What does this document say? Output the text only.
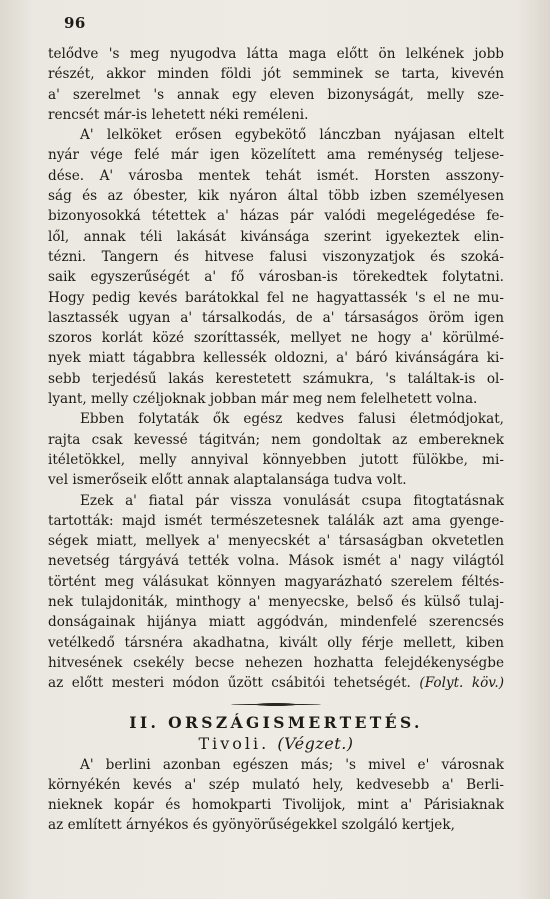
96

telődve 's meg nyugodva látta maga előtt ön lelkének jobb
részét, akkor minden földi jót semminek se tarta, kivevén
a' szerelmet 's annak egy eleven bizonyságát, melly sze-
rencsét már-is lehetett néki reméleni.

A' lelköket erősen egybekötő lánczban nyájasan eltelt
nyár vége felé már igen közelített ama reménység teljese-
dése. A' városba mentek tehát ismét. Horsten asszony-
ság és az óbester, kik nyáron által több izben személyesen
bizonyosokká tétettek a' házas pár valódi megelégedése fe-
lől, annak téli lakását kivánsága szerint igyekeztek elin-
tézni. Tangern és hitvese falusi viszonyzatjok és szoká-
saik egyszerűségét a' fő városban-is törekedtek folytatni.
Hogy pedig kevés barátokkal fel ne hagyattassék 's el ne mu-
lasztassék ugyan a' társalkodás, de a' társaságos öröm igen
szoros korlát közé szoríttassék, mellyet ne hogy a' körülmé-
nyek miatt tágabbra kellessék oldozni, a' báró kivánságára ki-
sebb terjedésű lakás kerestetett számukra, 's találtak-is ol-
lyant, melly czéljoknak jobban már meg nem felelhetett volna.

Ebben folytaták ők egész kedves falusi életmódjokat,
rajta csak kevessé tágitván; nem gondoltak az embereknek
itéletökkel, melly annyival könnyebben jutott fülökbe, mi-
vel ismerőseik előtt annak alaptalansága tudva volt.

Ezek a' fiatal pár vissza vonulását csupa fitogtatásnak
tartották: majd ismét természetesnek találák azt ama gyenge-
ségek miatt, mellyek a' menyecskét a' társaságban okvetetlen
nevetség tárgyává tették volna. Mások ismét a' nagy világtól
történt meg válásukat könnyen magyarázható szerelem féltés-
nek tulajdoniták, minthogy a' menyecske, belső és külső tulaj-
donságainak hijánya miatt aggódván, mindenfelé szerencsés
vetélkedő társnéra akadhatna, kivált olly férje mellett, kiben
hitvesének csekély becse nehezen hozhatta felejdékenységbe
az előtt mesteri módon űzött csábitói tehetségét. (Folyt. köv.)

II. ORSZÁGISMERTETÉS.
Tivoli. (Végzet.)

A' berlini azonban egészen más; 's mivel e' városnak
környékén kevés a' szép mulató hely, kedvesebb a' Berli-
nieknek kopár és homokparti Tivolijok, mint a' Párisiaknak
az említett árnyékos és gyönyörűségekkel szolgáló kertjek,
